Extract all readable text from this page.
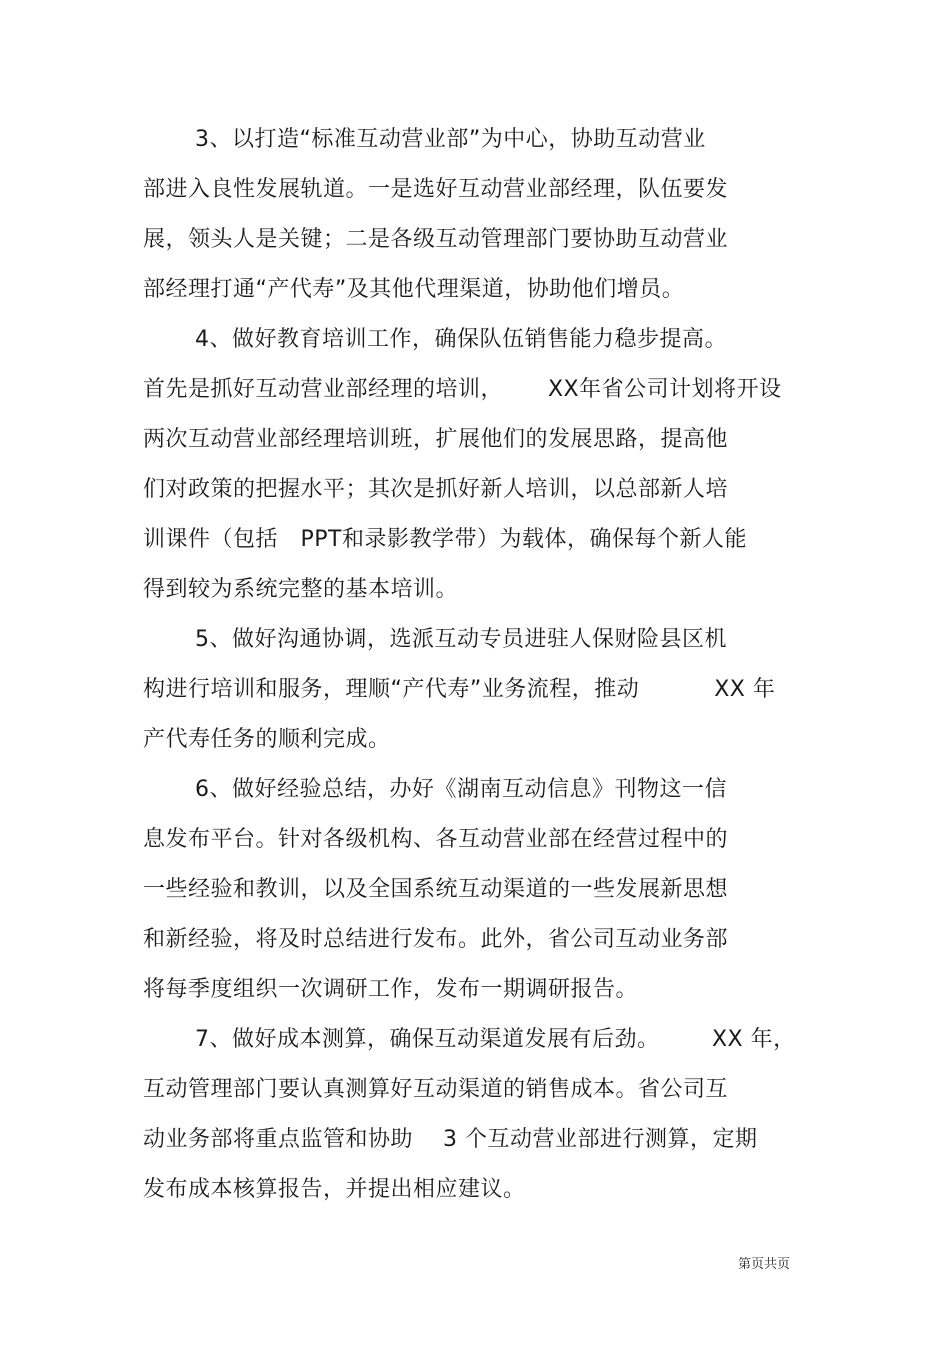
3、以打造“标准互动营业部”为中心，协助互动营业
部进入良性发展轨道。一是选好互动营业部经理，队伍要发
展，领头人是关键；二是各级互动管理部门要协助互动营业
部经理打通“产代寿”及其他代理渠道，协助他们增员。
4、做好教育培训工作，确保队伍销售能力稳步提高。
首先是抓好互动营业部经理的培训，      XX年省公司计划将开设
两次互动营业部经理培训班，扩展他们的发展思路，提高他
们对政策的把握水平；其次是抓好新人培训，以总部新人培
训课件（包括   PPT和录影教学带）为载体，确保每个新人能
得到较为系统完整的基本培训。
5、做好沟通协调，选派互动专员进驻人保财险县区机
构进行培训和服务，理顺“产代寿”业务流程，推动          XX 年
产代寿任务的顺利完成。
6、做好经验总结，办好《湖南互动信息》刊物这一信
息发布平台。针对各级机构、各互动营业部在经营过程中的
一些经验和教训，以及全国系统互动渠道的一些发展新思想
和新经验，将及时总结进行发布。此外，省公司互动业务部
将每季度组织一次调研工作，发布一期调研报告。
7、做好成本测算，确保互动渠道发展有后劲。       XX 年，
互动管理部门要认真测算好互动渠道的销售成本。省公司互
动业务部将重点监管和协助    3 个互动营业部进行测算，定期
发布成本核算报告，并提出相应建议。
第页共页
